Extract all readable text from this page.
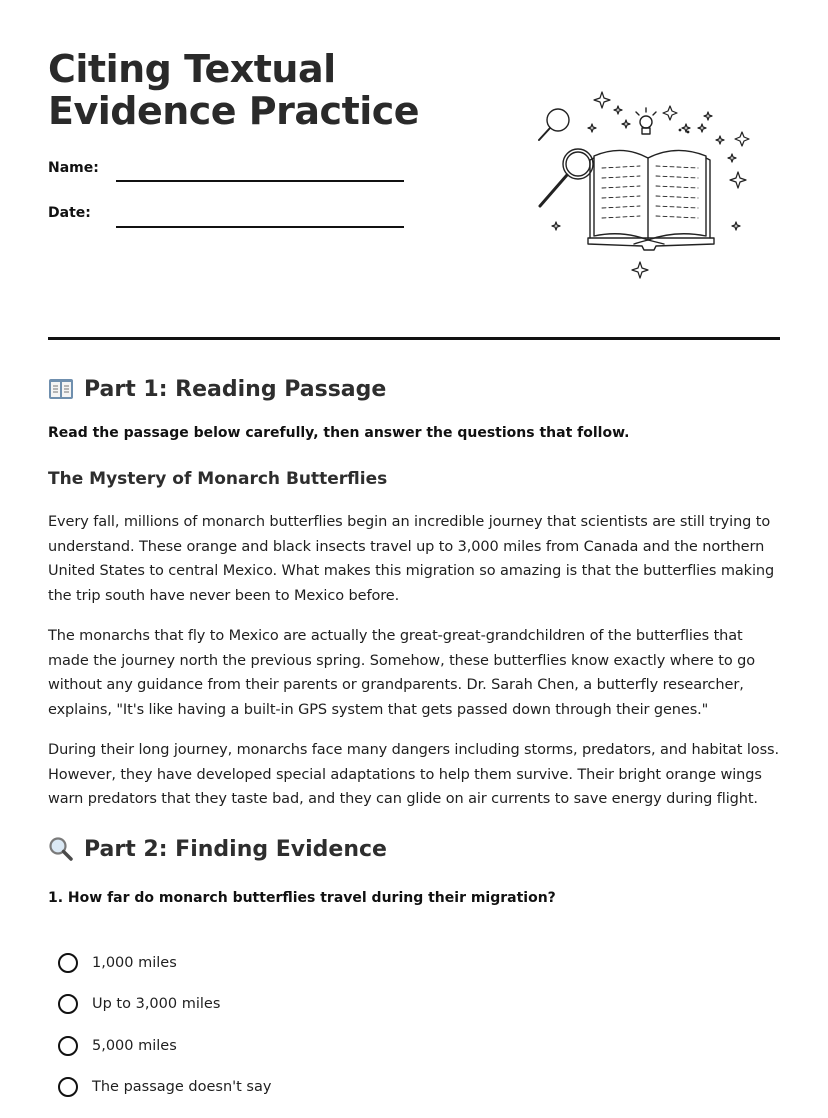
Citing Textual Evidence Practice
Name:
Date:
Part 1: Reading Passage
Read the passage below carefully, then answer the questions that follow.
The Mystery of Monarch Butterflies

Every fall, millions of monarch butterflies begin an incredible journey that scientists are still trying to understand. These orange and black insects travel up to 3,000 miles from Canada and the northern United States to central Mexico. What makes this migration so amazing is that the butterflies making the trip south have never been to Mexico before.

The monarchs that fly to Mexico are actually the great-great-grandchildren of the butterflies that made the journey north the previous spring. Somehow, these butterflies know exactly where to go without any guidance from their parents or grandparents. Dr. Sarah Chen, a butterfly researcher, explains, "It's like having a built-in GPS system that gets passed down through their genes."

During their long journey, monarchs face many dangers including storms, predators, and habitat loss. However, they have developed special adaptations to help them survive. Their bright orange wings warn predators that they taste bad, and they can glide on air currents to save energy during flight.

Part 2: Finding Evidence
1. How far do monarch butterflies travel during their migration?
1,000 miles
Up to 3,000 miles
5,000 miles
The passage doesn't say
